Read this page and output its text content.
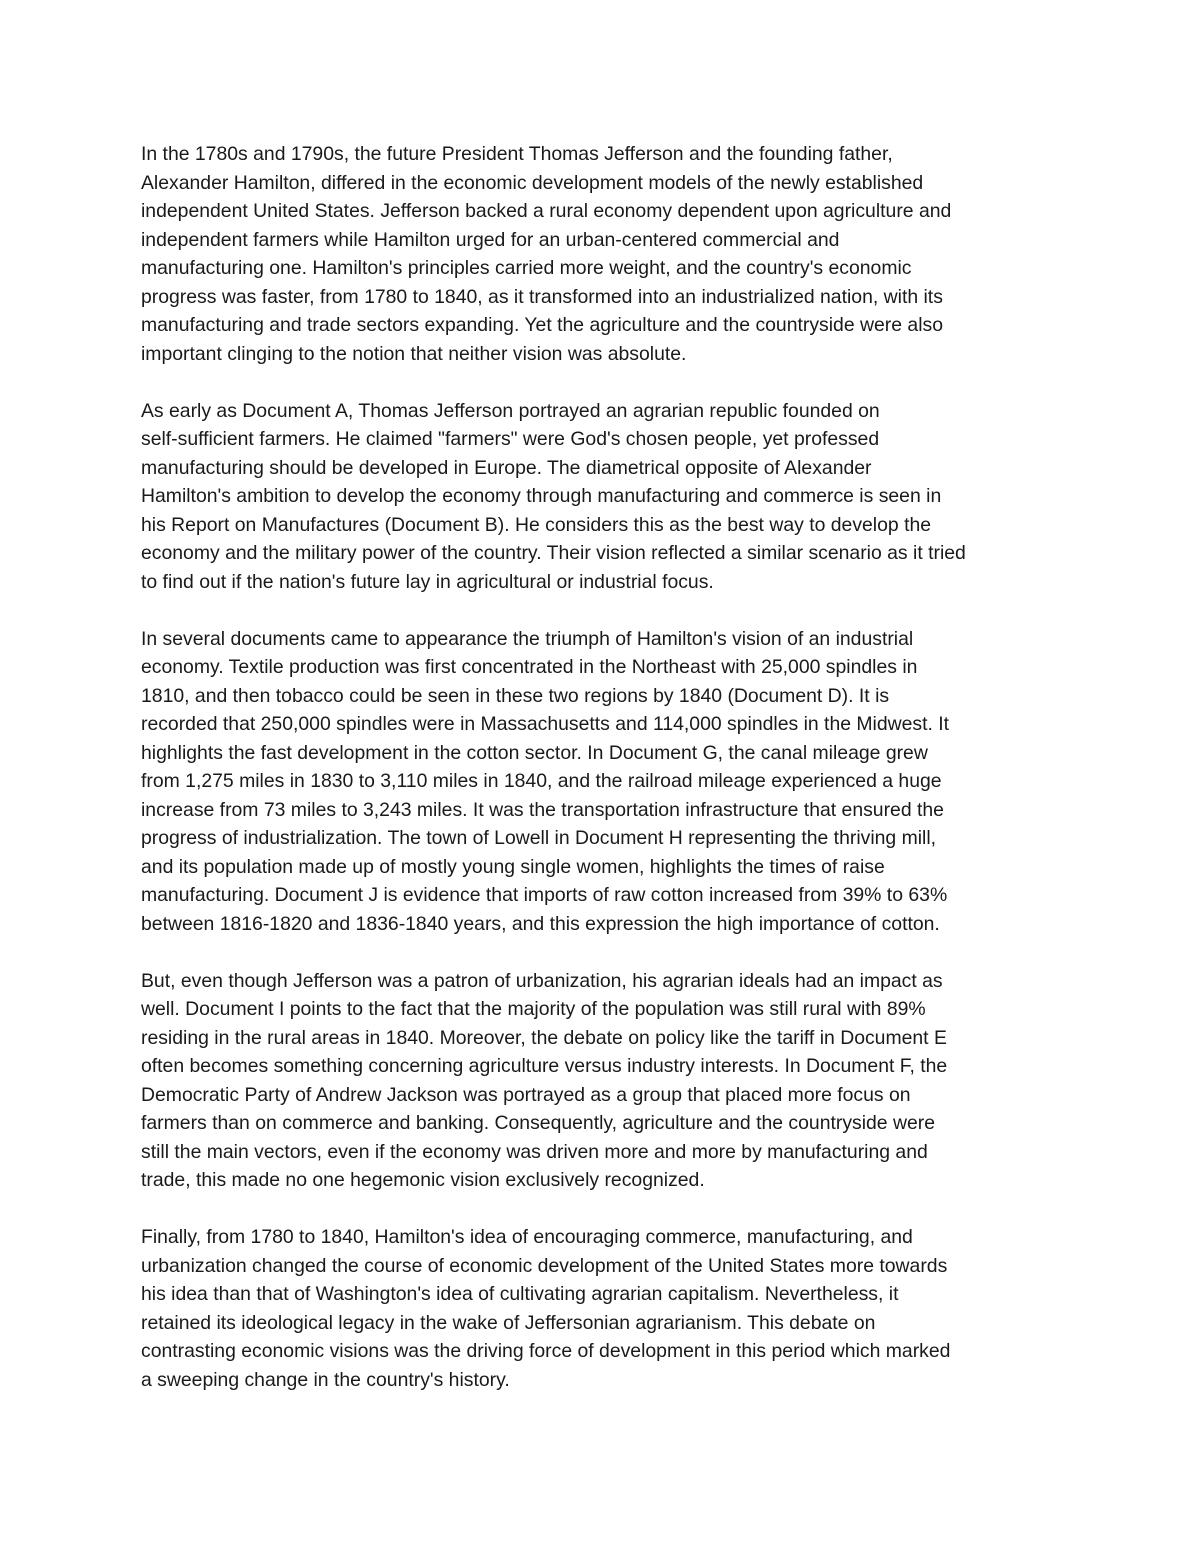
In the 1780s and 1790s, the future President Thomas Jefferson and the founding father,
Alexander Hamilton, differed in the economic development models of the newly established
independent United States. Jefferson backed a rural economy dependent upon agriculture and
independent farmers while Hamilton urged for an urban-centered commercial and
manufacturing one. Hamilton's principles carried more weight, and the country's economic
progress was faster, from 1780 to 1840, as it transformed into an industrialized nation, with its
manufacturing and trade sectors expanding. Yet the agriculture and the countryside were also
important clinging to the notion that neither vision was absolute.

As early as Document A, Thomas Jefferson portrayed an agrarian republic founded on
self-sufficient farmers. He claimed "farmers" were God's chosen people, yet professed
manufacturing should be developed in Europe. The diametrical opposite of Alexander
Hamilton's ambition to develop the economy through manufacturing and commerce is seen in
his Report on Manufactures (Document B). He considers this as the best way to develop the
economy and the military power of the country. Their vision reflected a similar scenario as it tried
to find out if the nation's future lay in agricultural or industrial focus.

In several documents came to appearance the triumph of Hamilton's vision of an industrial
economy. Textile production was first concentrated in the Northeast with 25,000 spindles in
1810, and then tobacco could be seen in these two regions by 1840 (Document D). It is
recorded that 250,000 spindles were in Massachusetts and 114,000 spindles in the Midwest. It
highlights the fast development in the cotton sector. In Document G, the canal mileage grew
from 1,275 miles in 1830 to 3,110 miles in 1840, and the railroad mileage experienced a huge
increase from 73 miles to 3,243 miles. It was the transportation infrastructure that ensured the
progress of industrialization. The town of Lowell in Document H representing the thriving mill,
and its population made up of mostly young single women, highlights the times of raise
manufacturing. Document J is evidence that imports of raw cotton increased from 39% to 63%
between 1816-1820 and 1836-1840 years, and this expression the high importance of cotton.

But, even though Jefferson was a patron of urbanization, his agrarian ideals had an impact as
well. Document I points to the fact that the majority of the population was still rural with 89%
residing in the rural areas in 1840. Moreover, the debate on policy like the tariff in Document E
often becomes something concerning agriculture versus industry interests. In Document F, the
Democratic Party of Andrew Jackson was portrayed as a group that placed more focus on
farmers than on commerce and banking. Consequently, agriculture and the countryside were
still the main vectors, even if the economy was driven more and more by manufacturing and
trade, this made no one hegemonic vision exclusively recognized.

Finally, from 1780 to 1840, Hamilton's idea of encouraging commerce, manufacturing, and
urbanization changed the course of economic development of the United States more towards
his idea than that of Washington's idea of cultivating agrarian capitalism. Nevertheless, it
retained its ideological legacy in the wake of Jeffersonian agrarianism. This debate on
contrasting economic visions was the driving force of development in this period which marked
a sweeping change in the country's history.
